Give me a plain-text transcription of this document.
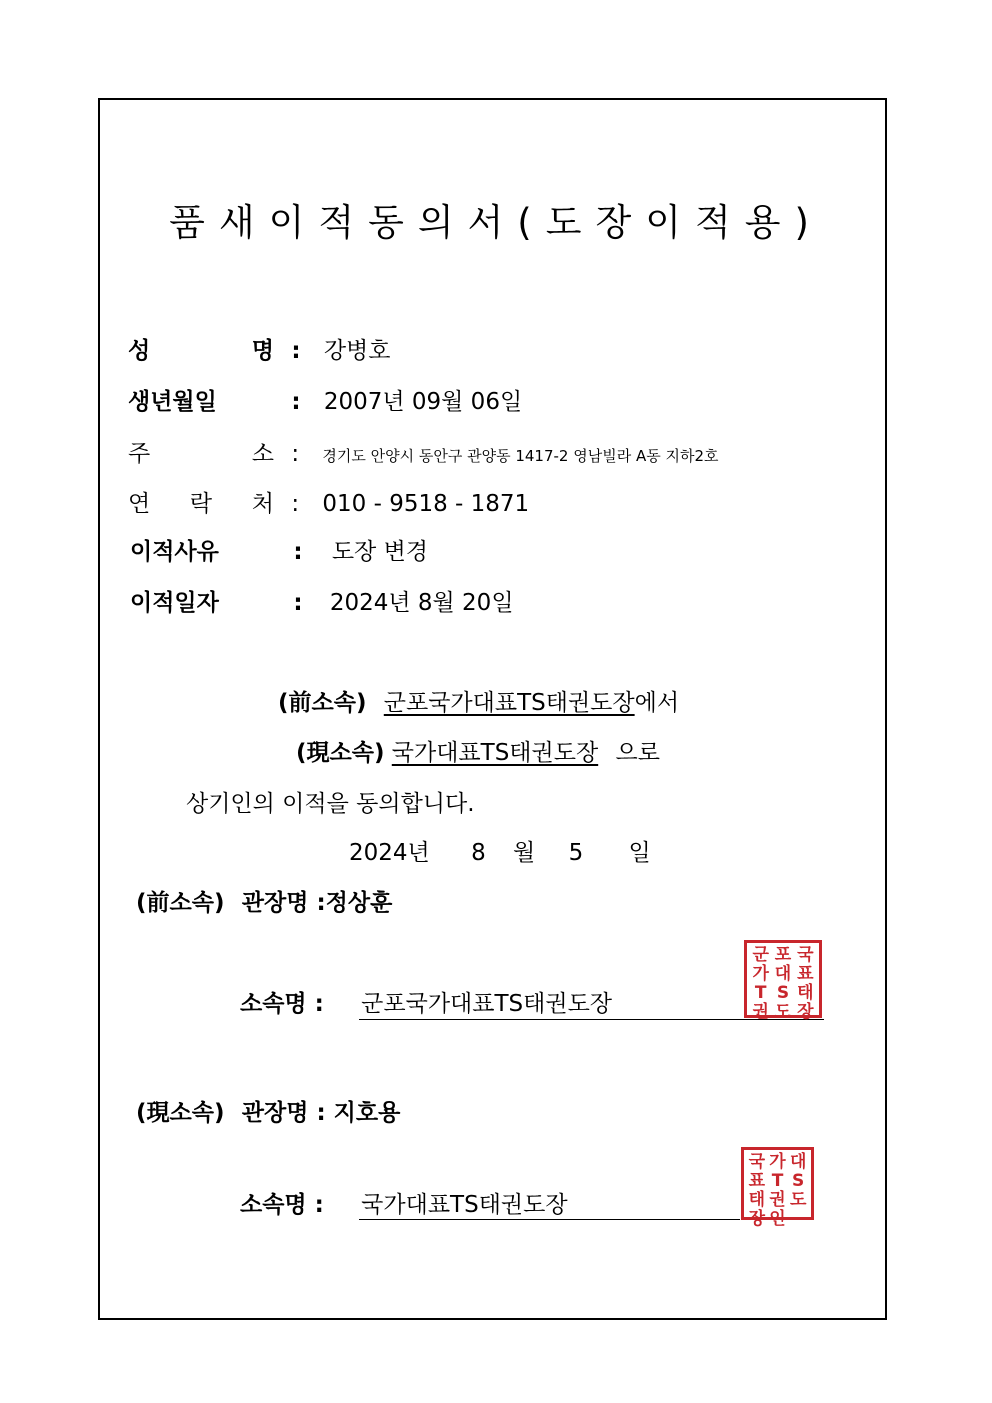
품새이적동의서(도장이적용)
성 명 : 강병호
생년월일	: 2007년 09월 06일
주 소 : 경기도 안양시 동안구 관양동 1417-2 영남빌라 A동 지하2호
연 락 처 : 010 - 9518 - 1871
이적사유	: 도장 변경
이적일자	: 2024년 8월 20일
(前소속) 군포국가대표TS태권도장에서
(現소속) 국가대표TS태권도장 으로
상기인의 이적을 동의합니다.
2024년 8 월 5 일
(前소속) 관장명 :정상훈
소속명 : 군포국가대표TS태권도장
군 포 국
가 대 표
T S 태
권 도 장
(現소속) 관장명 : 지호용
소속명 : 국가대표TS태권도장
국 가 대
표 T S
태 권 도
장 인
